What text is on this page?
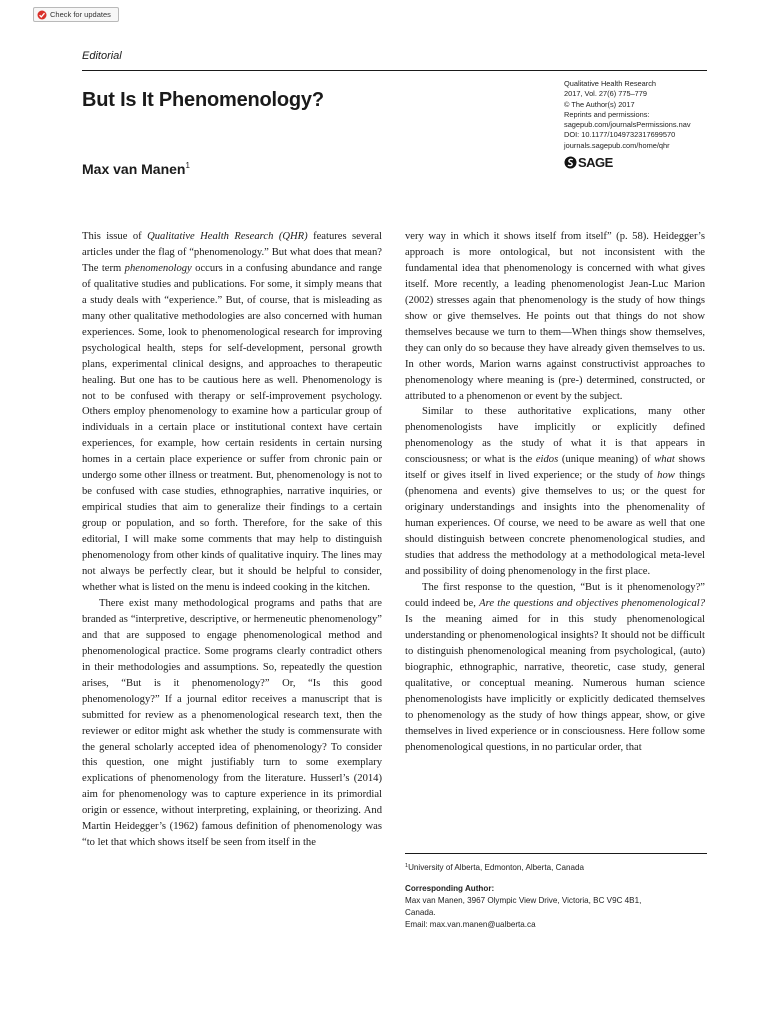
Check for updates

Editorial

But Is It Phenomenology?

Max van Manen$^1$

Qualitative Health Research
2017, Vol. 27(6) 775–779
© The Author(s) 2017
Reprints and permissions:
sagepub.com/journalsPermissions.nav
DOI: 10.1177/1049732317699570
journals.sagepub.com/home/qhr
SAGE

This issue of Qualitative Health Research (QHR) features several articles under the flag of “phenomenology.” But what does that mean? The term phenomenology occurs in a confusing abundance and range of qualitative studies and publications. For some, it simply means that a study deals with “experience.” But, of course, that is misleading as many other qualitative methodologies are also concerned with human experiences. Some, look to phenomenological research for improving psychological health, steps for self-development, personal growth plans, experimental clinical designs, and approaches to therapeutic healing. But one has to be cautious here as well. Phenomenology is not to be confused with therapy or self-improvement psychology. Others employ phenomenology to examine how a particular group of individuals in a certain place or institutional context have certain experiences, for example, how certain residents in certain nursing homes in a certain place experience or suffer from chronic pain or undergo some other illness or treatment. But, phenomenology is not to be confused with case studies, ethnographies, narrative inquiries, or empirical studies that aim to generalize their findings to a certain group or population, and so forth. Therefore, for the sake of this editorial, I will make some comments that may help to distinguish phenomenology from other kinds of qualitative inquiry. The lines may not always be perfectly clear, but it should be helpful to consider, whether what is listed on the menu is indeed cooking in the kitchen.

There exist many methodological programs and paths that are branded as “interpretive, descriptive, or hermeneutic phenomenology” and that are supposed to engage phenomenological method and phenomenological practice. Some programs clearly contradict others in their methodologies and assumptions. So, repeatedly the question arises, “But is it phenomenology?” Or, “Is this good phenomenology?” If a journal editor receives a manuscript that is submitted for review as a phenomenological research text, then the reviewer or editor might ask whether the study is commensurate with the general scholarly accepted idea of phenomenology? To consider this question, one might justifiably turn to some exemplary explications of phenomenology from the literature. Husserl’s (2014) aim for phenomenology was to capture experience in its primordial origin or essence, without interpreting, explaining, or theorizing. And Martin Heidegger’s (1962) famous definition of phenomenology was “to let that which shows itself be seen from itself in the

very way in which it shows itself from itself” (p. 58). Heidegger’s approach is more ontological, but not inconsistent with the fundamental idea that phenomenology is concerned with what gives itself. More recently, a leading phenomenologist Jean-Luc Marion (2002) stresses again that phenomenology is the study of how things show or give themselves. He points out that things do not show themselves because we turn to them—When things show themselves, they can only do so because they have already given themselves to us. In other words, Marion warns against constructivist approaches to phenomenology where meaning is (pre-) determined, constructed, or attributed to a phenomenon or event by the subject.

Similar to these authoritative explications, many other phenomenologists have implicitly or explicitly defined phenomenology as the study of what it is that appears in consciousness; or what is the eidos (unique meaning) of what shows itself or gives itself in lived experience; or the study of how things (phenomena and events) give themselves to us; or the quest for originary understandings and insights into the phenomenality of human experiences. Of course, we need to be aware as well that one should distinguish between concrete phenomenological studies, and studies that address the methodology at a methodological meta-level and possibility of doing phenomenology in the first place.

The first response to the question, “But is it phenomenology?” could indeed be, Are the questions and objectives phenomenological? Is the meaning aimed for in this study phenomenological understanding or phenomenological insights? It should not be difficult to distinguish phenomenological meaning from psychological, (auto) biographic, ethnographic, narrative, theoretic, case study, general qualitative, or conceptual meaning. Numerous human science phenomenologists have implicitly or explicitly dedicated themselves to phenomenology as the study of how things appear, show, or give themselves in lived experience or in consciousness. Here follow some phenomenological questions, in no particular order, that

$^1$University of Alberta, Edmonton, Alberta, Canada
Corresponding Author:
Max van Manen, 3967 Olympic View Drive, Victoria, BC V9C 4B1,
Canada.
Email: max.van.manen@ualberta.ca
